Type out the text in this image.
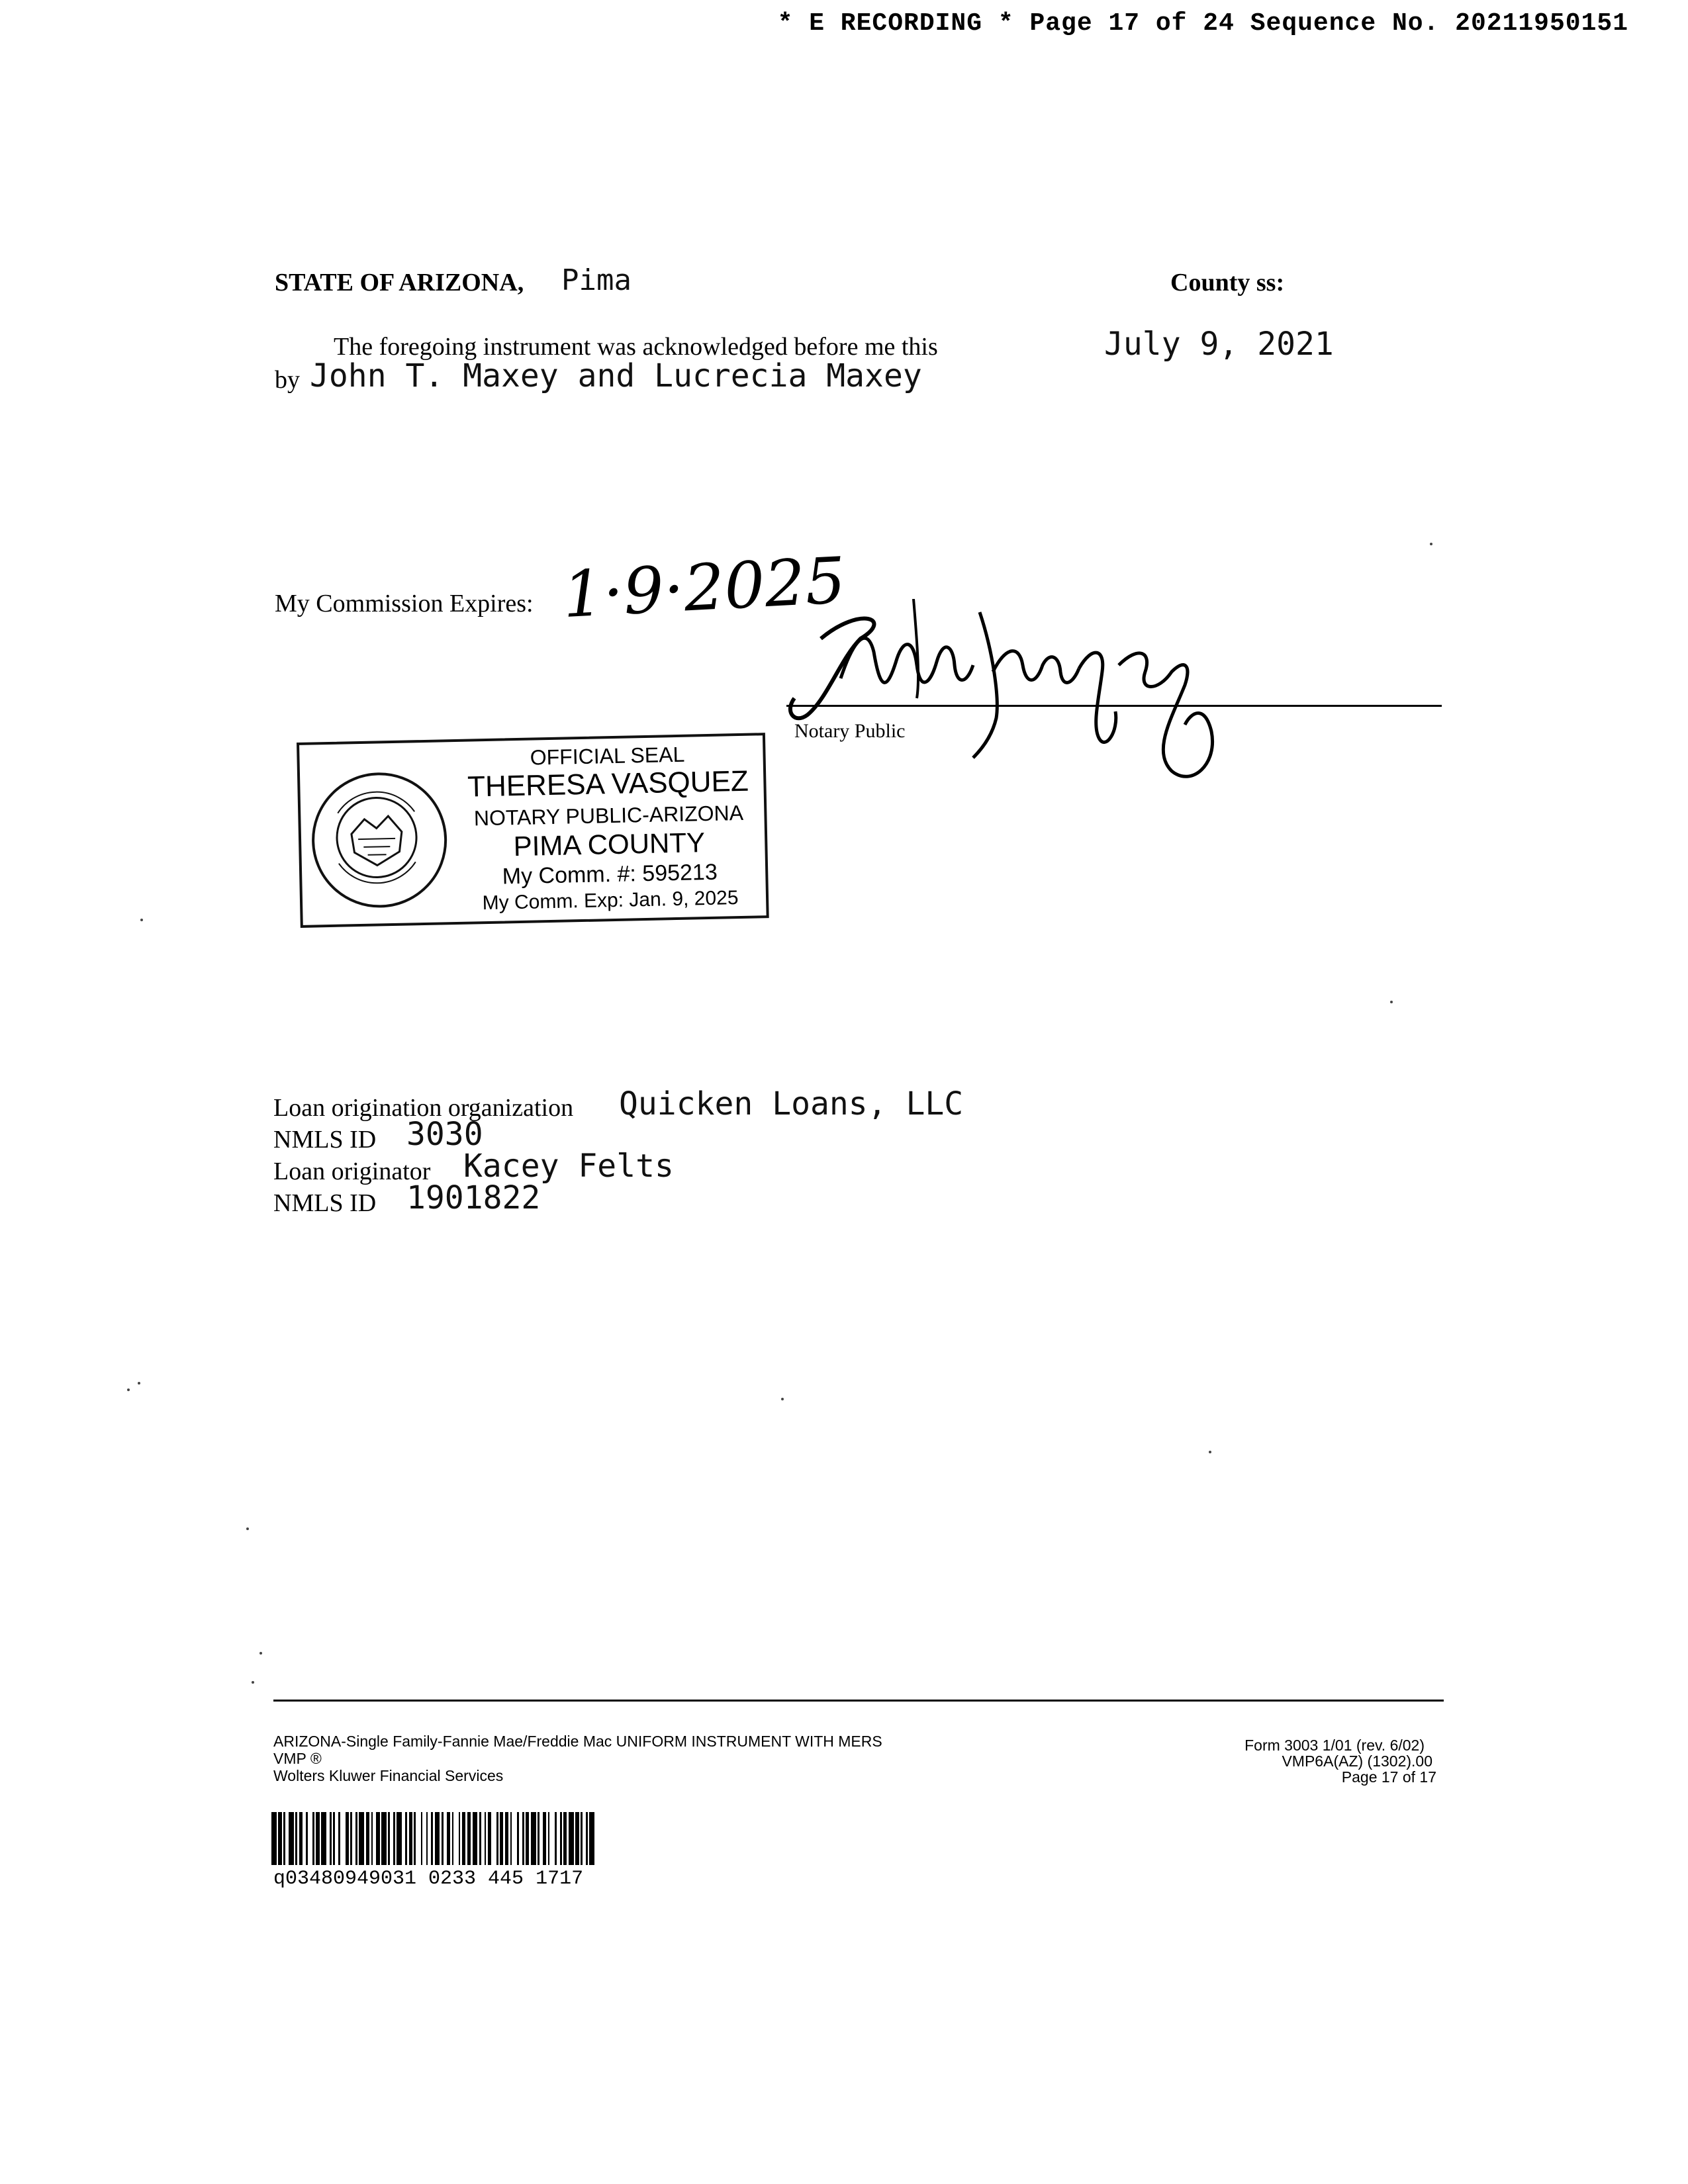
* E RECORDING * Page 17 of 24 Sequence No. 20211950151
STATE OF ARIZONA, Pima	County ss:
The foregoing instrument was acknowledged before me this	July 9, 2021
by John T. Maxey and Lucrecia Maxey
My Commission Expires: 1·9·2025
Notary Public
OFFICIAL SEAL
THERESA VASQUEZ
NOTARY PUBLIC-ARIZONA
PIMA COUNTY
My Comm. #: 595213
My Comm. Exp: Jan. 9, 2025
Loan origination organization Quicken Loans, LLC
NMLS ID 3030
Loan originator Kacey Felts
NMLS ID 1901822
ARIZONA-Single Family-Fannie Mae/Freddie Mac UNIFORM INSTRUMENT WITH MERS
VMP ®
Wolters Kluwer Financial Services
Form 3003 1/01 (rev. 6/02)
VMP6A(AZ) (1302).00
Page 17 of 17
q03480949031 0233 445 1717
